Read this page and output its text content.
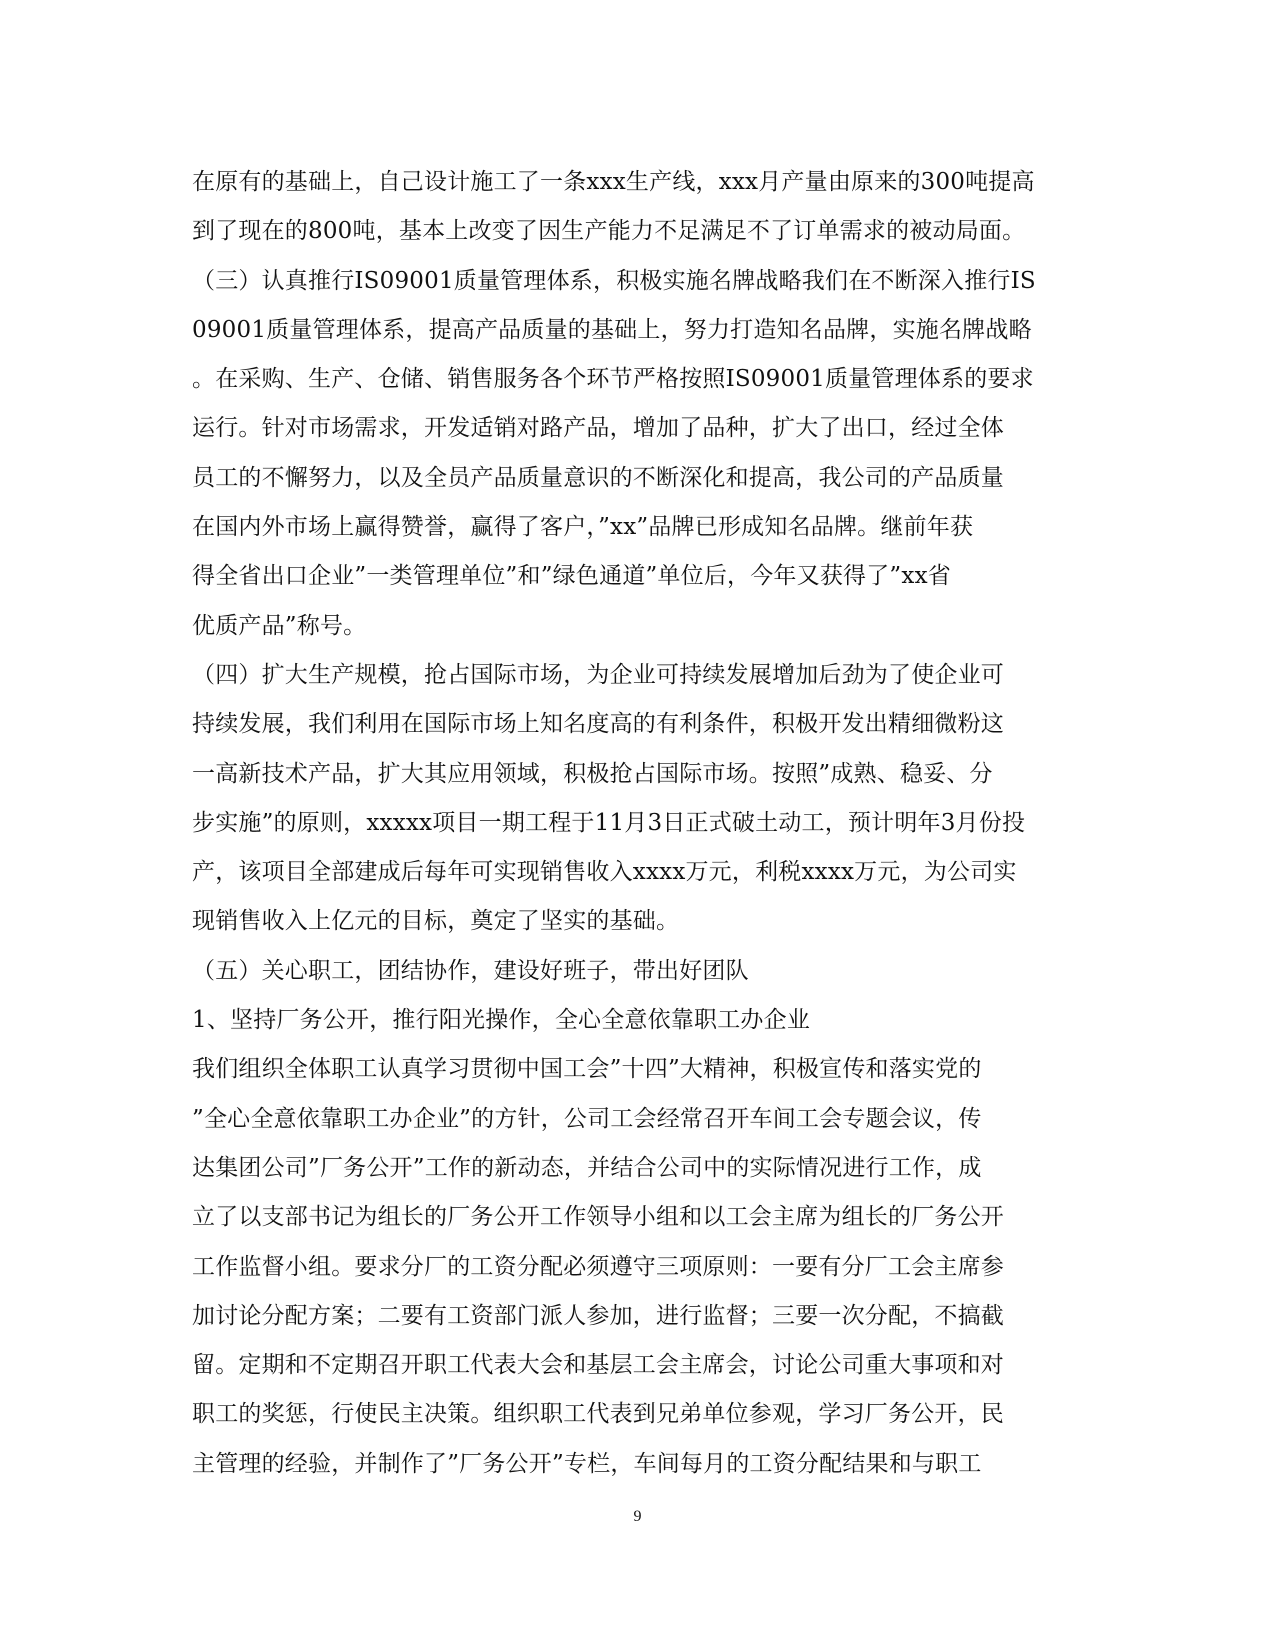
在原有的基础上，自己设计施工了一条xxx生产线，xxx月产量由原来的300吨提高
到了现在的800吨，基本上改变了因生产能力不足满足不了订单需求的被动局面。
（三）认真推行IS09001质量管理体系，积极实施名牌战略我们在不断深入推行IS
09001质量管理体系，提高产品质量的基础上，努力打造知名品牌，实施名牌战略
。在采购、生产、仓储、销售服务各个环节严格按照IS09001质量管理体系的要求
运行。针对市场需求，开发适销对路产品，增加了品种，扩大了出口，经过全体
员工的不懈努力，以及全员产品质量意识的不断深化和提高，我公司的产品质量
在国内外市场上赢得赞誉，赢得了客户，”xx”品牌已形成知名品牌。继前年获
得全省出口企业”一类管理单位”和”绿色通道”单位后，今年又获得了”xx省
优质产品”称号。
（四）扩大生产规模，抢占国际市场，为企业可持续发展增加后劲为了使企业可
持续发展，我们利用在国际市场上知名度高的有利条件，积极开发出精细微粉这
一高新技术产品，扩大其应用领域，积极抢占国际市场。按照”成熟、稳妥、分
步实施”的原则，xxxxx项目一期工程于11月3日正式破土动工，预计明年3月份投
产，该项目全部建成后每年可实现销售收入xxxx万元，利税xxxx万元，为公司实
现销售收入上亿元的目标，奠定了坚实的基础。
（五）关心职工，团结协作，建设好班子，带出好团队
1、坚持厂务公开，推行阳光操作，全心全意依靠职工办企业
我们组织全体职工认真学习贯彻中国工会”十四”大精神，积极宣传和落实党的
”全心全意依靠职工办企业”的方针，公司工会经常召开车间工会专题会议，传
达集团公司”厂务公开”工作的新动态，并结合公司中的实际情况进行工作，成
立了以支部书记为组长的厂务公开工作领导小组和以工会主席为组长的厂务公开
工作监督小组。要求分厂的工资分配必须遵守三项原则：一要有分厂工会主席参
加讨论分配方案；二要有工资部门派人参加，进行监督；三要一次分配，不搞截
留。定期和不定期召开职工代表大会和基层工会主席会，讨论公司重大事项和对
职工的奖惩，行使民主决策。组织职工代表到兄弟单位参观，学习厂务公开，民
主管理的经验，并制作了”厂务公开”专栏，车间每月的工资分配结果和与职工
9
